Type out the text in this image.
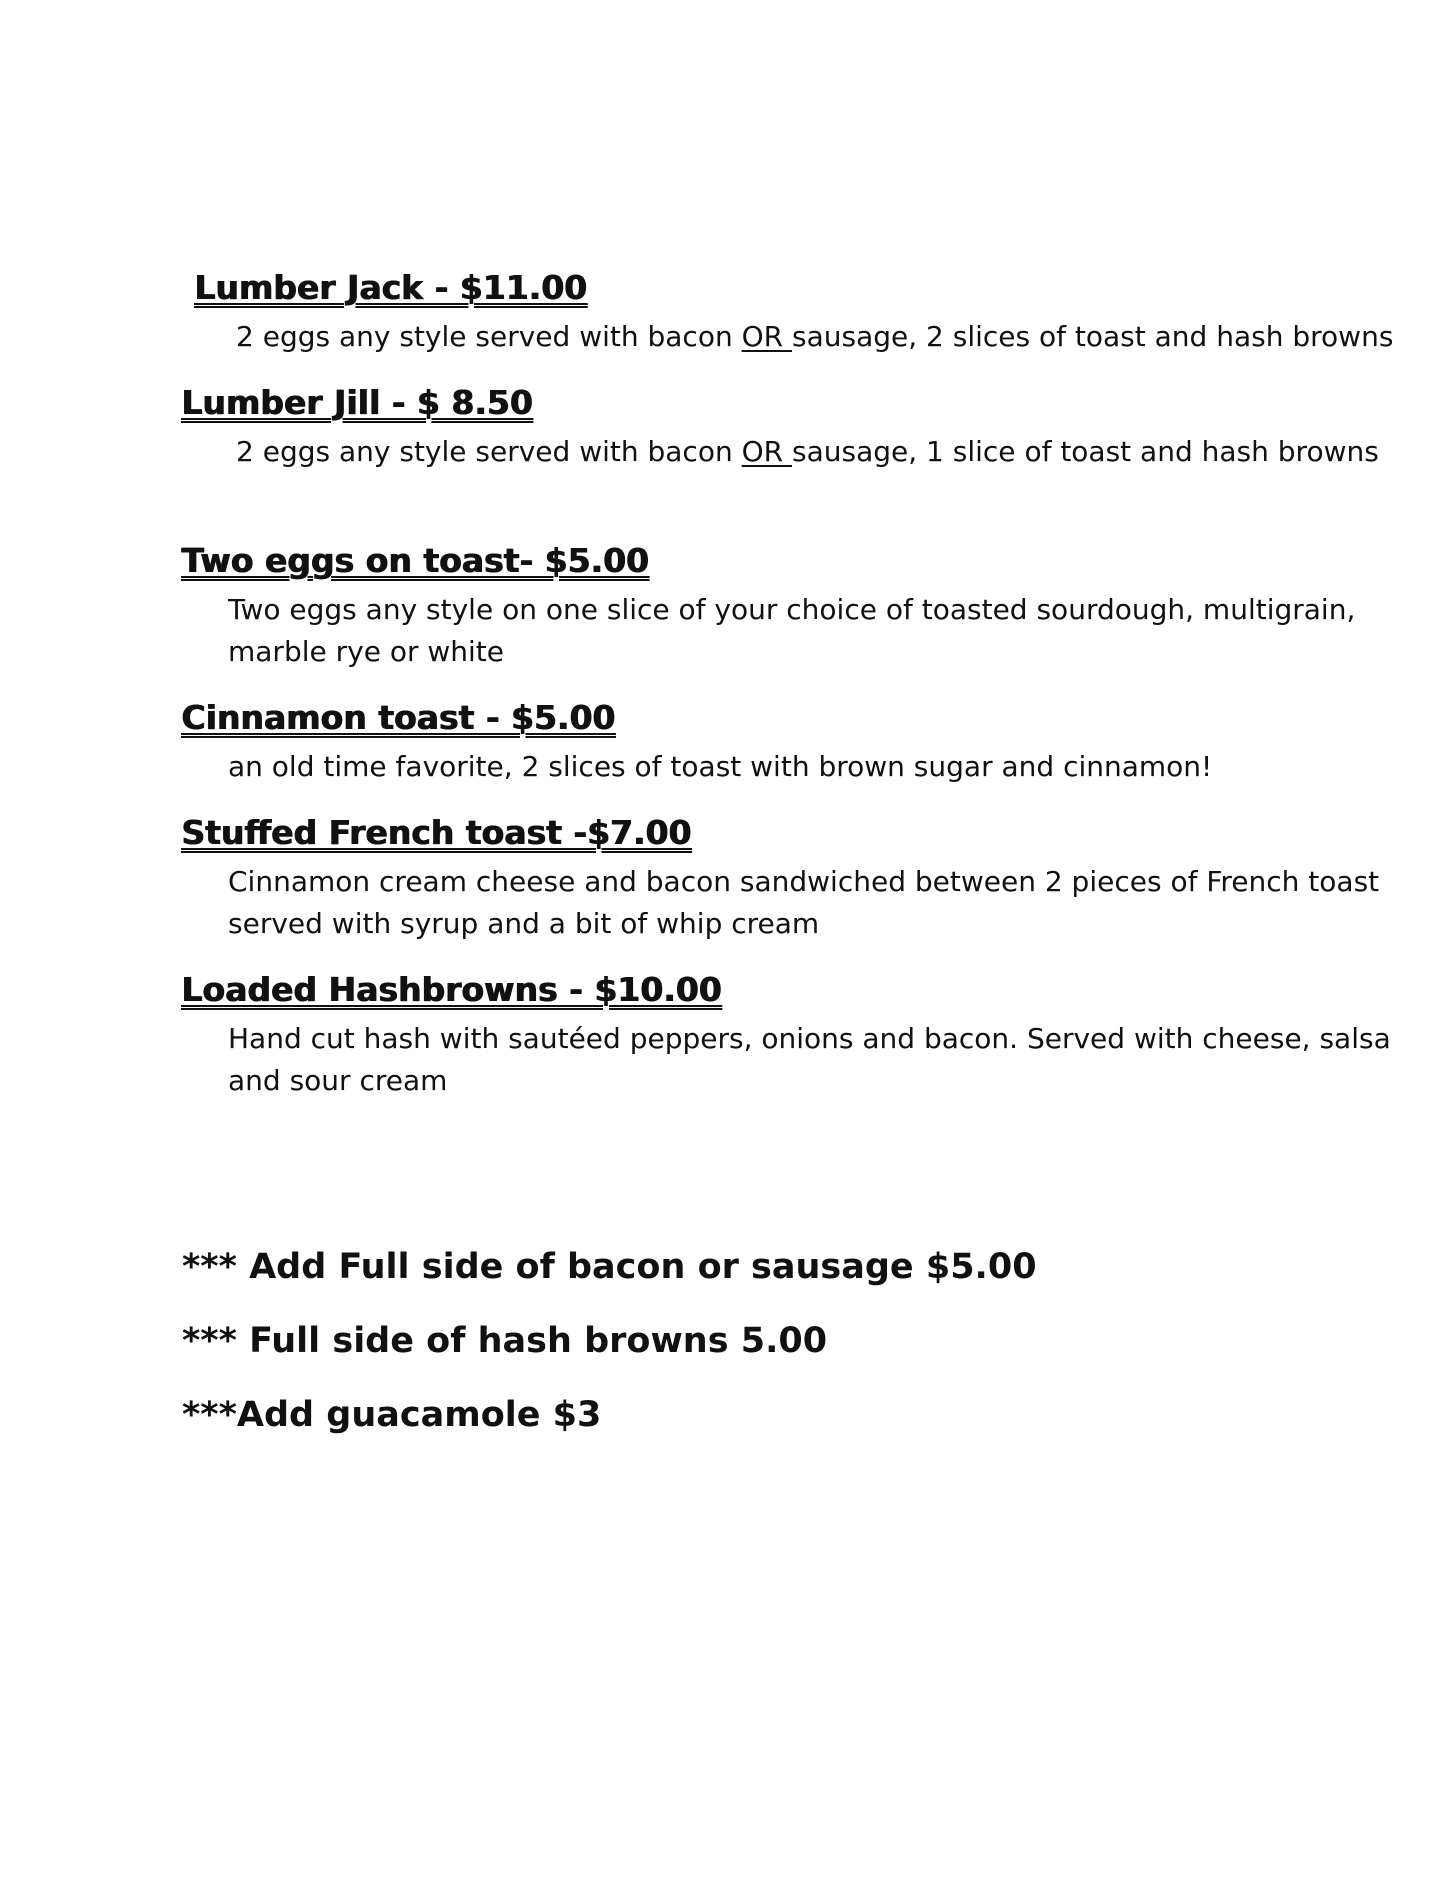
Lumber Jack - $11.00

2 eggs any style served with bacon OR sausage, 2 slices of toast and hash browns

Lumber Jill - $ 8.50

2 eggs any style served with bacon OR sausage, 1 slice of toast and hash browns

Two eggs on toast- $5.00

Two eggs any style on one slice of your choice of toasted sourdough, multigrain,

marble rye or white

Cinnamon toast - $5.00

an old time favorite, 2 slices of toast with brown sugar and cinnamon!

Stuffed French toast -$7.00

Cinnamon cream cheese and bacon sandwiched between 2 pieces of French toast

served with syrup and a bit of whip cream

Loaded Hashbrowns - $10.00

Hand cut hash with sautéed peppers, onions and bacon. Served with cheese, salsa

and sour cream

*** Add Full side of bacon or sausage $5.00

*** Full side of hash browns 5.00

***Add guacamole $3
